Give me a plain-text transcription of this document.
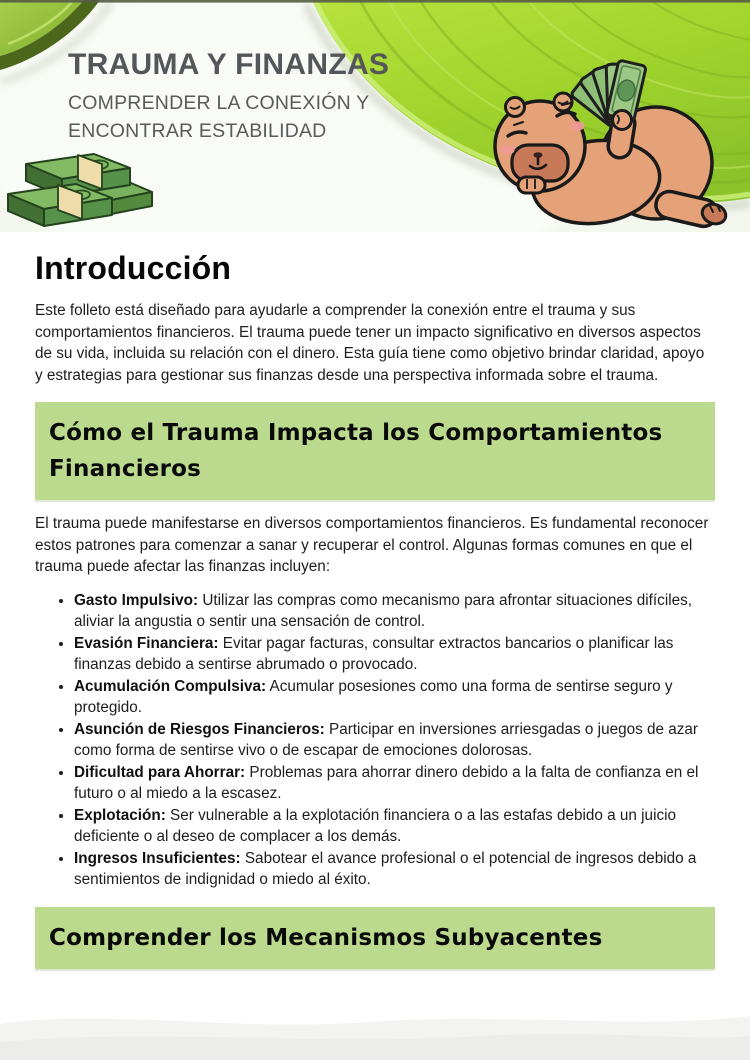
TRAUMA Y FINANZAS
COMPRENDER LA CONEXIÓN Y
ENCONTRAR ESTABILIDAD
Introducción

Este folleto está diseñado para ayudarle a comprender la conexión entre el trauma y sus comportamientos financieros. El trauma puede tener un impacto significativo en diversos aspectos de su vida, incluida su relación con el dinero. Esta guía tiene como objetivo brindar claridad, apoyo y estrategias para gestionar sus finanzas desde una perspectiva informada sobre el trauma.

Cómo el Trauma Impacta los Comportamientos Financieros

El trauma puede manifestarse en diversos comportamientos financieros. Es fundamental reconocer estos patrones para comenzar a sanar y recuperar el control. Algunas formas comunes en que el trauma puede afectar las finanzas incluyen:

• Gasto Impulsivo: Utilizar las compras como mecanismo para afrontar situaciones difíciles, aliviar la angustia o sentir una sensación de control.
• Evasión Financiera: Evitar pagar facturas, consultar extractos bancarios o planificar las finanzas debido a sentirse abrumado o provocado.
• Acumulación Compulsiva: Acumular posesiones como una forma de sentirse seguro y protegido.
• Asunción de Riesgos Financieros: Participar en inversiones arriesgadas o juegos de azar como forma de sentirse vivo o de escapar de emociones dolorosas.
• Dificultad para Ahorrar: Problemas para ahorrar dinero debido a la falta de confianza en el futuro o al miedo a la escasez.
• Explotación: Ser vulnerable a la explotación financiera o a las estafas debido a un juicio deficiente o al deseo de complacer a los demás.
• Ingresos Insuficientes: Sabotear el avance profesional o el potencial de ingresos debido a sentimientos de indignidad o miedo al éxito.
Comprender los Mecanismos Subyacentes
